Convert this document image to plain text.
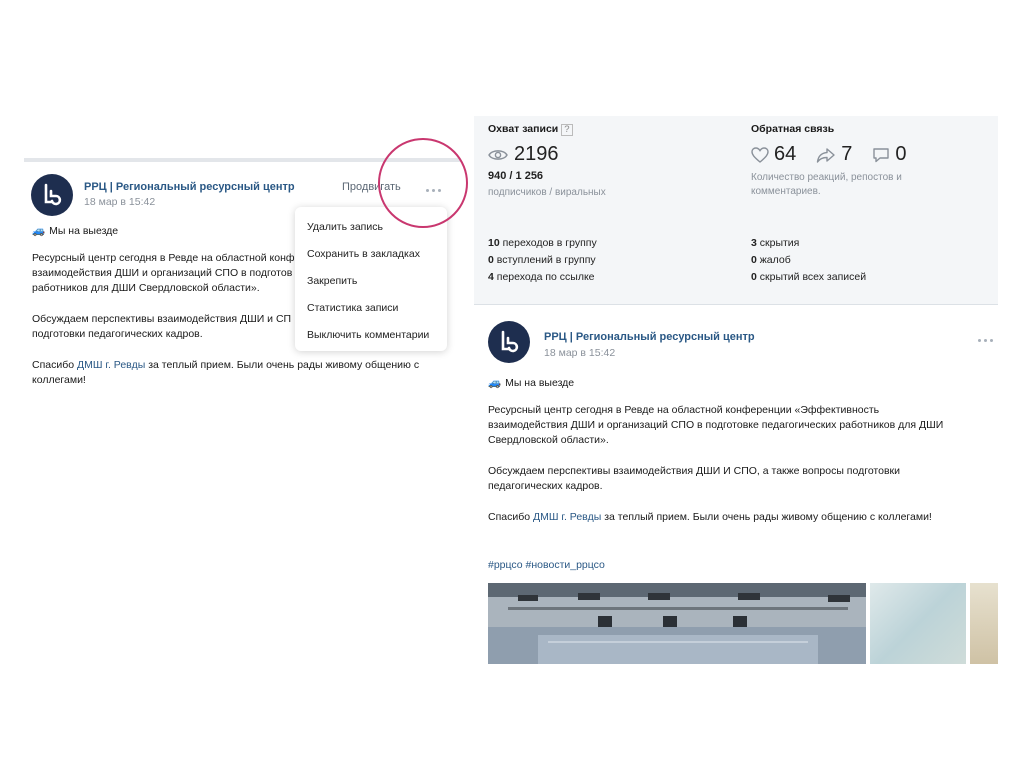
РРЦ | Региональный ресурсный центр
18 мар в 15:42
Продвигать

🚙 Мы на выезде

Ресурсный центр сегодня в Ревде на областной конф
взаимодействия ДШИ и организаций СПО в подготов
работников для ДШИ Свердловской области».

Обсуждаем перспективы взаимодействия ДШИ и СП
подготовки педагогических кадров.

Спасибо ДМШ г. Ревды за теплый прием. Были очень рады живому общению с
коллегами!

Удалить запись
Сохранить в закладках
Закрепить
Статистика записи
Выключить комментарии
Охват записи ?
2196
940 / 1 256
подписчиков / виральных
Обратная связь
64 7 0
Количество реакций, репостов и
комментариев.
10 переходов в группу
0 вступлений в группу
4 перехода по ссылке
3 скрытия
0 жалоб
0 скрытий всех записей
РРЦ | Региональный ресурсный центр
18 мар в 15:42

🚙 Мы на выезде

Ресурсный центр сегодня в Ревде на областной конференции «Эффективность
взаимодействия ДШИ и организаций СПО в подготовке педагогических работников для ДШИ
Свердловской области».

Обсуждаем перспективы взаимодействия ДШИ И СПО, а также вопросы подготовки
педагогических кадров.

Спасибо ДМШ г. Ревды за теплый прием. Были очень рады живому общению с коллегами!

#ррцсо #новости_ррцсо
